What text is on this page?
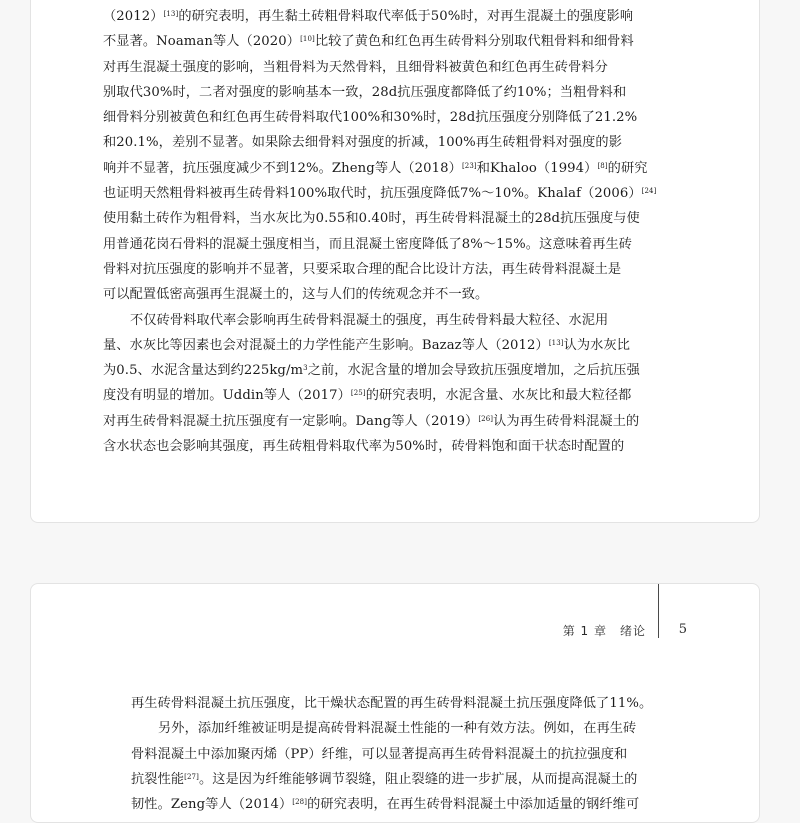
（2012）[13]的研究表明，再生黏土砖粗骨料取代率低于50%时，对再生混凝土的强度影响
不显著。Noaman等人（2020）[10]比较了黄色和红色再生砖骨料分别取代粗骨料和细骨料
对再生混凝土强度的影响，当粗骨料为天然骨料，且细骨料被黄色和红色再生砖骨料分
别取代30%时，二者对强度的影响基本一致，28d抗压强度都降低了约10%；当粗骨料和
细骨料分别被黄色和红色再生砖骨料取代100%和30%时，28d抗压强度分别降低了21.2%
和20.1%，差别不显著。如果除去细骨料对强度的折减，100%再生砖粗骨料对强度的影
响并不显著，抗压强度减少不到12%。Zheng等人（2018）[23]和Khaloo（1994）[8]的研究
也证明天然粗骨料被再生砖骨料100%取代时，抗压强度降低7%～10%。Khalaf（2006）[24]
使用黏土砖作为粗骨料，当水灰比为0.55和0.40时，再生砖骨料混凝土的28d抗压强度与使
用普通花岗石骨料的混凝土强度相当，而且混凝土密度降低了8%～15%。这意味着再生砖
骨料对抗压强度的影响并不显著，只要采取合理的配合比设计方法，再生砖骨料混凝土是
可以配置低密高强再生混凝土的，这与人们的传统观念并不一致。
不仅砖骨料取代率会影响再生砖骨料混凝土的强度，再生砖骨料最大粒径、水泥用
量、水灰比等因素也会对混凝土的力学性能产生影响。Bazaz等人（2012）[13]认为水灰比
为0.5、水泥含量达到约$225kg/m^3$之前，水泥含量的增加会导致抗压强度增加，之后抗压强
度没有明显的增加。Uddin等人（2017）[25]的研究表明，水泥含量、水灰比和最大粒径都
对再生砖骨料混凝土抗压强度有一定影响。Dang等人（2019）[26]认为再生砖骨料混凝土的
含水状态也会影响其强度，再生砖粗骨料取代率为50%时，砖骨料饱和面干状态时配置的
第 1 章　绪论	5
再生砖骨料混凝土抗压强度，比干燥状态配置的再生砖骨料混凝土抗压强度降低了11%。
另外，添加纤维被证明是提高砖骨料混凝土性能的一种有效方法。例如，在再生砖
骨料混凝土中添加聚丙烯（PP）纤维，可以显著提高再生砖骨料混凝土的抗拉强度和
抗裂性能[27]。这是因为纤维能够调节裂缝，阻止裂缝的进一步扩展，从而提高混凝土的
韧性。Zeng等人（2014）[28]的研究表明，在再生砖骨料混凝土中添加适量的钢纤维可
